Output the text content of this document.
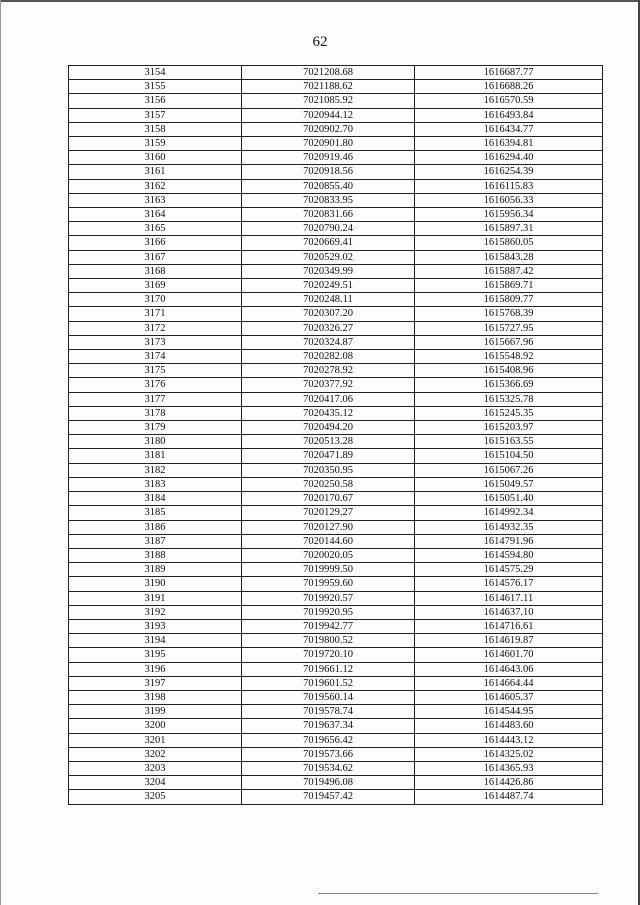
62
3154	7021208.68	1616687.77
3155	7021188.62	1616688.26
3156	7021085.92	1616570.59
3157	7020944.12	1616493.84
3158	7020902.70	1616434.77
3159	7020901.80	1616394.81
3160	7020919.46	1616294.40
3161	7020918.56	1616254.39
3162	7020855.40	1616115.83
3163	7020833.95	1616056.33
3164	7020831.66	1615956.34
3165	7020790.24	1615897.31
3166	7020669.41	1615860.05
3167	7020529.02	1615843.28
3168	7020349.99	1615887.42
3169	7020249.51	1615869.71
3170	7020248.11	1615809.77
3171	7020307.20	1615768.39
3172	7020326.27	1615727.95
3173	7020324.87	1615667.96
3174	7020282.08	1615548.92
3175	7020278.92	1615408.96
3176	7020377.92	1615366.69
3177	7020417.06	1615325.78
3178	7020435.12	1615245.35
3179	7020494.20	1615203.97
3180	7020513.28	1615163.55
3181	7020471.89	1615104.50
3182	7020350.95	1615067.26
3183	7020250.58	1615049.57
3184	7020170.67	1615051.40
3185	7020129.27	1614992.34
3186	7020127.90	1614932.35
3187	7020144.60	1614791.96
3188	7020020.05	1614594.80
3189	7019999.50	1614575.29
3190	7019959.60	1614576.17
3191	7019920.57	1614617.11
3192	7019920.95	1614637.10
3193	7019942.77	1614716.61
3194	7019800.52	1614619.87
3195	7019720.10	1614601.70
3196	7019661.12	1614643.06
3197	7019601.52	1614664.44
3198	7019560.14	1614605.37
3199	7019578.74	1614544.95
3200	7019637.34	1614483.60
3201	7019656.42	1614443.12
3202	7019573.66	1614325.02
3203	7019534.62	1614365.93
3204	7019496.08	1614426.86
3205	7019457.42	1614487.74
